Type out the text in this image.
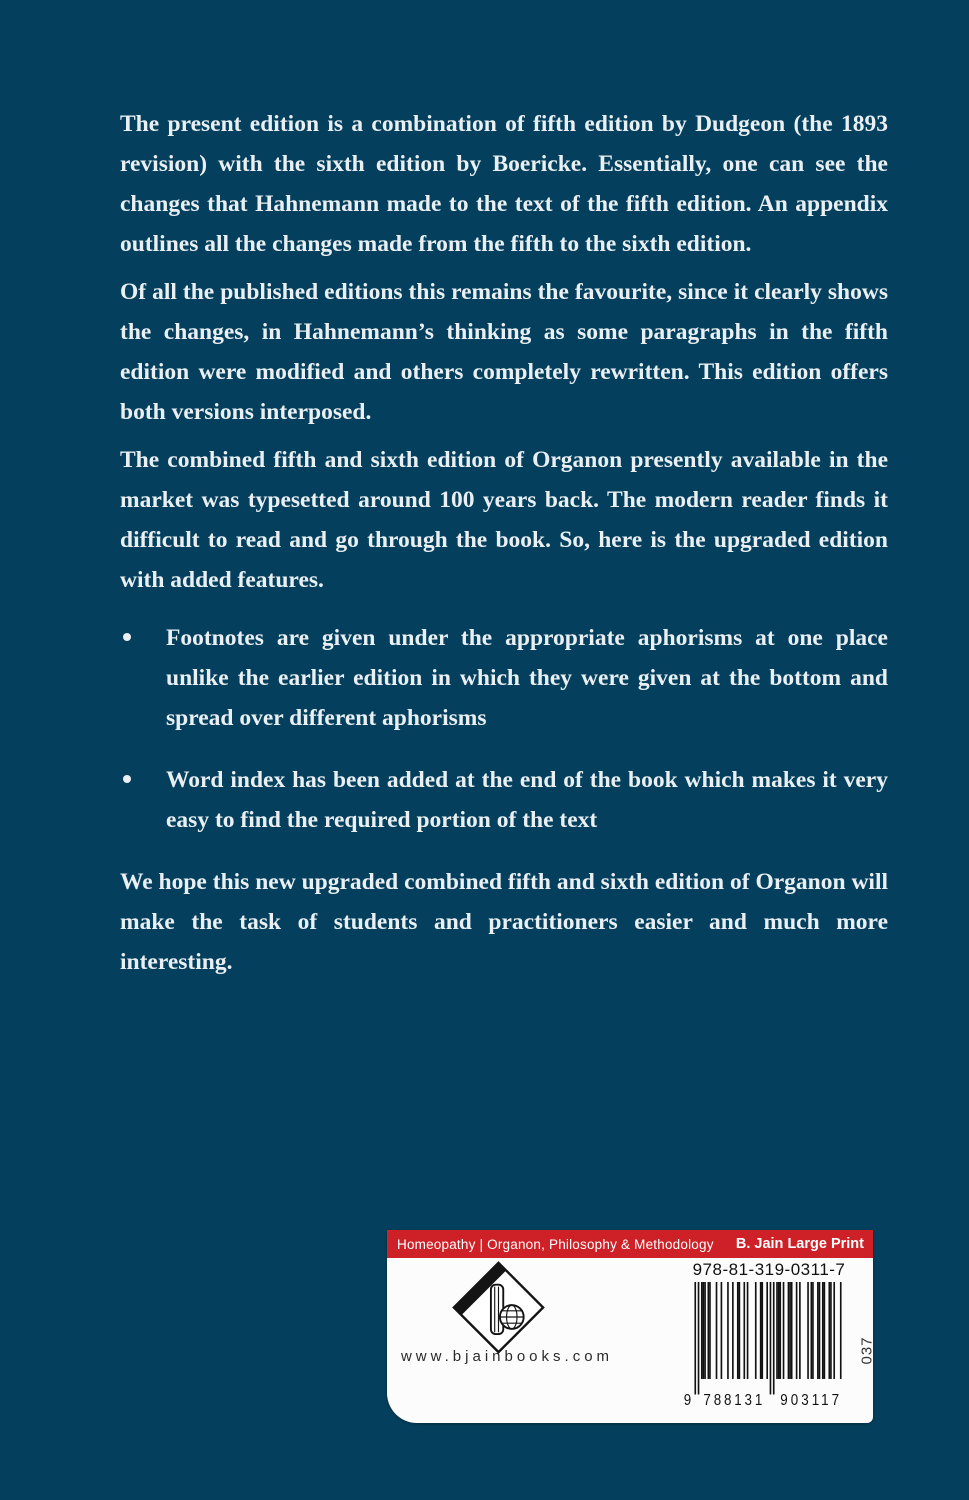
The present edition is a combination of fifth edition by Dudgeon (the 1893 revision) with the sixth edition by Boericke. Essentially, one can see the changes that Hahnemann made to the text of the fifth edition. An appendix outlines all the changes made from the fifth to the sixth edition.

Of all the published editions this remains the favourite, since it clearly shows the changes, in Hahnemann’s thinking as some paragraphs in the fifth edition were modified and others completely rewritten. This edition offers both versions interposed.

The combined fifth and sixth edition of Organon presently available in the market was typesetted around 100 years back. The modern reader finds it difficult to read and go through the book. So, here is the upgraded edition with added features.

Footnotes are given under the appropriate aphorisms at one place unlike the earlier edition in which they were given at the bottom and spread over different aphorisms
Word index has been added at the end of the book which makes it very easy to find the required portion of the text

We hope this new upgraded combined fifth and sixth edition of Organon will make the task of students and practitioners easier and much more interesting.

Homeopathy | Organon, Philosophy & Methodology B. Jain Large Print
www.bjainbooks.com
978-81-319-0311-7
9 788131 903117
037
